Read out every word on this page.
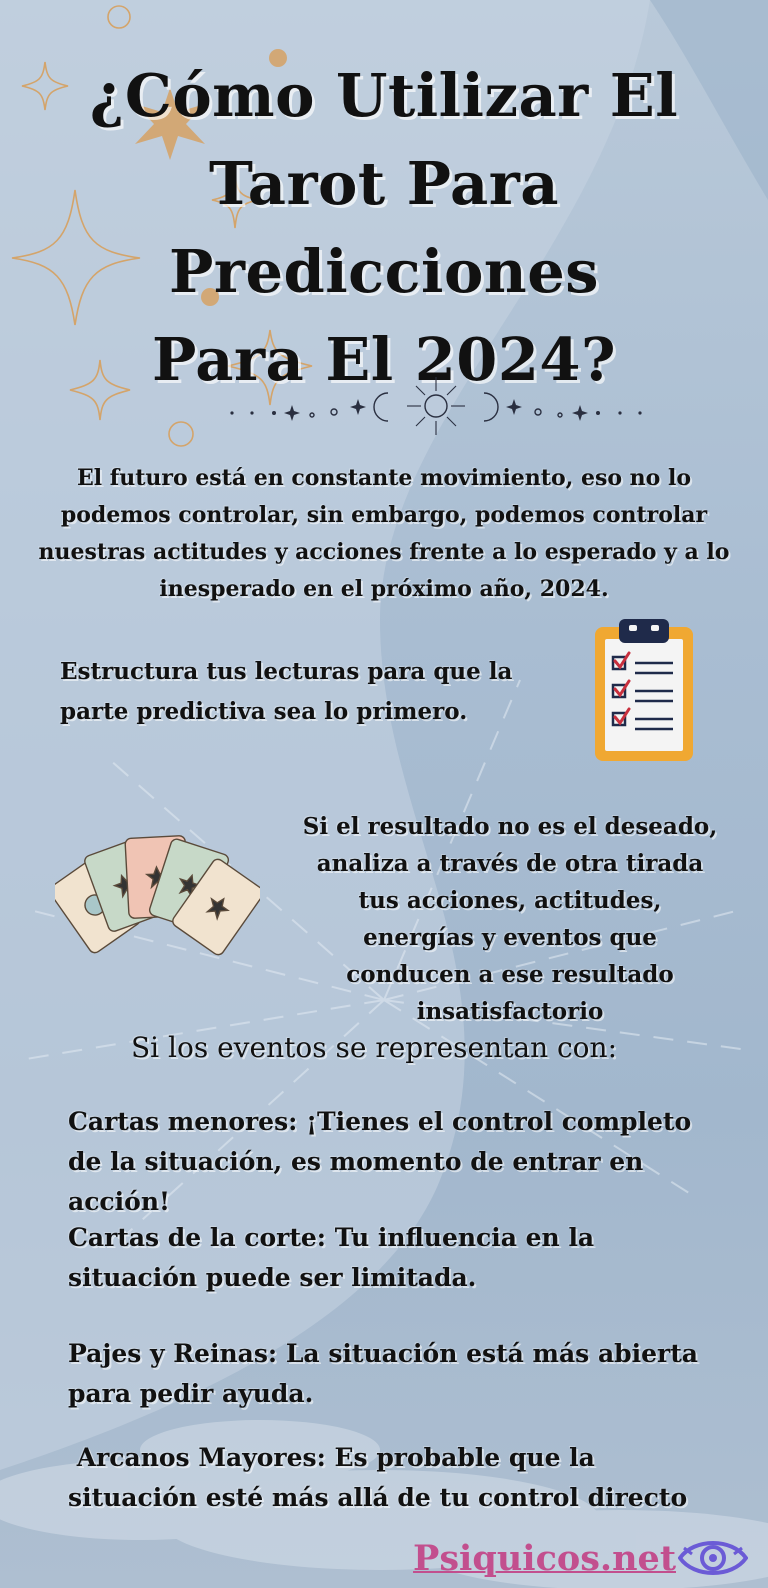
¿Cómo Utilizar El
Tarot Para
Predicciones
Para El 2024?
El futuro está en constante movimiento, eso no lo podemos controlar, sin embargo, podemos controlar nuestras actitudes y acciones frente a lo esperado y a lo inesperado en el próximo año, 2024.
Estructura tus lecturas para que la parte predictiva sea lo primero.
Si el resultado no es el deseado, analiza a través de otra tirada tus acciones, actitudes, energías y eventos que conducen a ese resultado insatisfactorio
Si los eventos se representan con:
Cartas menores: ¡Tienes el control completo de la situación, es momento de entrar en acción!
Cartas de la corte: Tu influencia en la situación puede ser limitada.
Pajes y Reinas: La situación está más abierta para pedir ayuda.
Arcanos Mayores: Es probable que la situación esté más allá de tu control directo
Psiquicos.net
